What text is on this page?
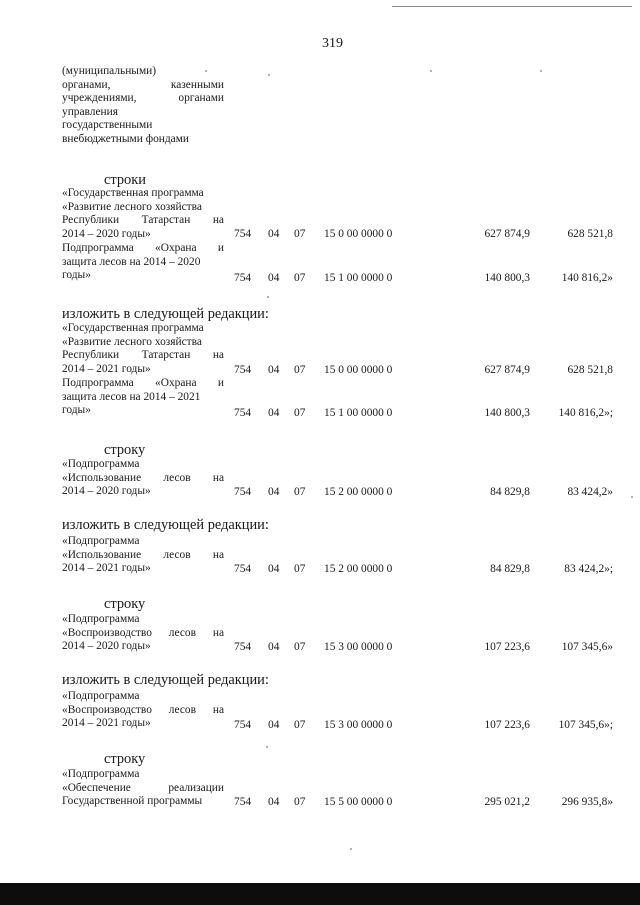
319
(муниципальными)
органами, казенными
учреждениями, органами
управления
государственными
внебюджетными фондами
строки
«Государственная программа
«Развитие лесного хозяйства
Республики Татарстан на
2014 – 2020 годы»	754 04 07 15 0 00 0000 0	627 874,9	628 521,8
Подпрограмма «Охрана и
защита лесов на 2014 – 2020
годы»	754 04 07 15 1 00 0000 0	140 800,3	140 816,2»
изложить в следующей редакции:
«Государственная программа
«Развитие лесного хозяйства
Республики Татарстан на
2014 – 2021 годы»	754 04 07 15 0 00 0000 0	627 874,9	628 521,8
Подпрограмма «Охрана и
защита лесов на 2014 – 2021
годы»	754 04 07 15 1 00 0000 0	140 800,3	140 816,2»;
строку
«Подпрограмма
«Использование лесов на
2014 – 2020 годы»	754 04 07 15 2 00 0000 0	84 829,8	83 424,2»
изложить в следующей редакции:
«Подпрограмма
«Использование лесов на
2014 – 2021 годы»	754 04 07 15 2 00 0000 0	84 829,8	83 424,2»;
строку
«Подпрограмма
«Воспроизводство лесов на
2014 – 2020 годы»	754 04 07 15 3 00 0000 0	107 223,6	107 345,6»
изложить в следующей редакции:
«Подпрограмма
«Воспроизводство лесов на
2014 – 2021 годы»	754 04 07 15 3 00 0000 0	107 223,6	107 345,6»;
строку
«Подпрограмма
«Обеспечение реализации
Государственной программы	754 04 07 15 5 00 0000 0	295 021,2	296 935,8»
